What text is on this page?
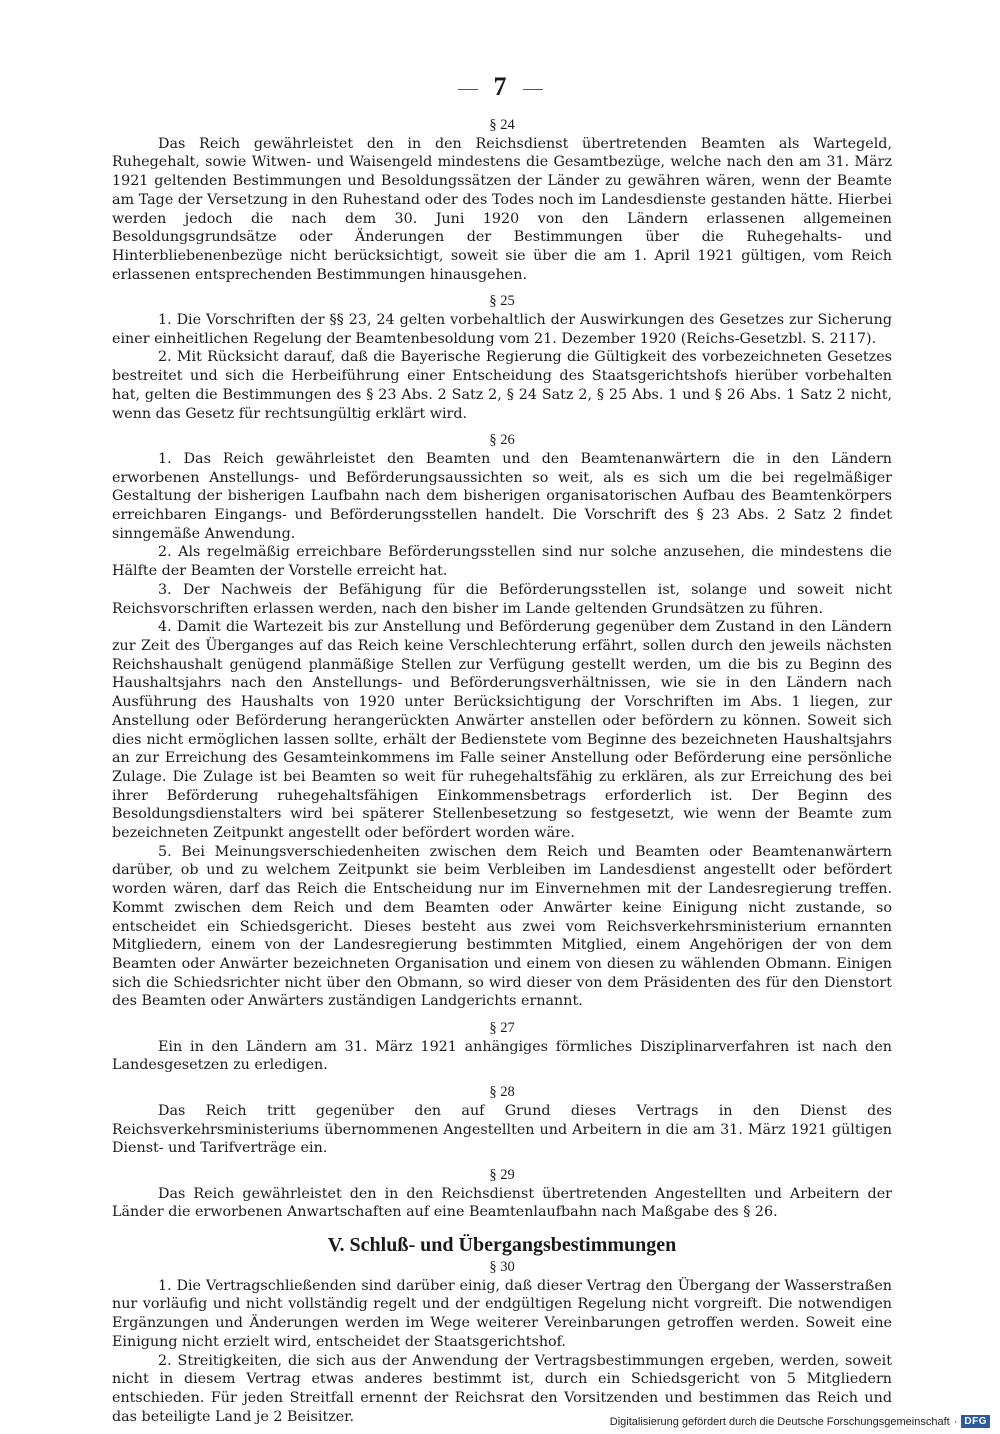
7
§ 24

Das Reich gewährleistet den in den Reichsdienst übertretenden Beamten als Wartegeld, Ruhegehalt, sowie Witwen- und Waisengeld mindestens die Gesamtbezüge, welche nach den am 31. März 1921 geltenden Bestimmungen und Besoldungssätzen der Länder zu gewähren wären, wenn der Beamte am Tage der Versetzung in den Ruhestand oder des Todes noch im Landesdienste gestanden hätte. Hierbei werden jedoch die nach dem 30. Juni 1920 von den Ländern erlassenen allgemeinen Besoldungsgrundsätze oder Änderungen der Bestimmungen über die Ruhegehalts- und Hinterbliebenenbezüge nicht berücksichtigt, soweit sie über die am 1. April 1921 gültigen, vom Reich erlassenen entsprechenden Bestimmungen hinausgehen.

§ 25

1. Die Vorschriften der §§ 23, 24 gelten vorbehaltlich der Auswirkungen des Gesetzes zur Sicherung einer einheitlichen Regelung der Beamtenbesoldung vom 21. Dezember 1920 (Reichs-Gesetzbl. S. 2117).

2. Mit Rücksicht darauf, daß die Bayerische Regierung die Gültigkeit des vorbezeichneten Gesetzes bestreitet und sich die Herbeiführung einer Entscheidung des Staatsgerichtshofs hierüber vorbehalten hat, gelten die Bestimmungen des § 23 Abs. 2 Satz 2, § 24 Satz 2, § 25 Abs. 1 und § 26 Abs. 1 Satz 2 nicht, wenn das Gesetz für rechtsungültig erklärt wird.

§ 26

1. Das Reich gewährleistet den Beamten und den Beamtenanwärtern die in den Ländern erworbenen Anstellungs- und Beförderungsaussichten so weit, als es sich um die bei regelmäßiger Gestaltung der bisherigen Laufbahn nach dem bisherigen organisatorischen Aufbau des Beamtenkörpers erreichbaren Eingangs- und Beförderungsstellen handelt. Die Vorschrift des § 23 Abs. 2 Satz 2 findet sinngemäße Anwendung.

2. Als regelmäßig erreichbare Beförderungsstellen sind nur solche anzusehen, die mindestens die Hälfte der Beamten der Vorstelle erreicht hat.

3. Der Nachweis der Befähigung für die Beförderungsstellen ist, solange und soweit nicht Reichsvorschriften erlassen werden, nach den bisher im Lande geltenden Grundsätzen zu führen.

4. Damit die Wartezeit bis zur Anstellung und Beförderung gegenüber dem Zustand in den Ländern zur Zeit des Überganges auf das Reich keine Verschlechterung erfährt, sollen durch den jeweils nächsten Reichshaushalt genügend planmäßige Stellen zur Verfügung gestellt werden, um die bis zu Beginn des Haushaltsjahrs nach den Anstellungs- und Beförderungsverhältnissen, wie sie in den Ländern nach Ausführung des Haushalts von 1920 unter Berücksichtigung der Vorschriften im Abs. 1 liegen, zur Anstellung oder Beförderung herangerückten Anwärter anstellen oder befördern zu können. Soweit sich dies nicht ermöglichen lassen sollte, erhält der Bedienstete vom Beginne des bezeichneten Haushaltsjahrs an zur Erreichung des Gesamteinkommens im Falle seiner Anstellung oder Beförderung eine persönliche Zulage. Die Zulage ist bei Beamten so weit für ruhegehaltsfähig zu erklären, als zur Erreichung des bei ihrer Beförderung ruhegehaltsfähigen Einkommensbetrags erforderlich ist. Der Beginn des Besoldungsdienstalters wird bei späterer Stellenbesetzung so festgesetzt, wie wenn der Beamte zum bezeichneten Zeitpunkt angestellt oder befördert worden wäre.

5. Bei Meinungsverschiedenheiten zwischen dem Reich und Beamten oder Beamtenanwärtern darüber, ob und zu welchem Zeitpunkt sie beim Verbleiben im Landesdienst angestellt oder befördert worden wären, darf das Reich die Entscheidung nur im Einvernehmen mit der Landesregierung treffen. Kommt zwischen dem Reich und dem Beamten oder Anwärter keine Einigung nicht zustande, so entscheidet ein Schiedsgericht. Dieses besteht aus zwei vom Reichsverkehrsministerium ernannten Mitgliedern, einem von der Landesregierung bestimmten Mitglied, einem Angehörigen der von dem Beamten oder Anwärter bezeichneten Organisation und einem von diesen zu wählenden Obmann. Einigen sich die Schiedsrichter nicht über den Obmann, so wird dieser von dem Präsidenten des für den Dienstort des Beamten oder Anwärters zuständigen Landgerichts ernannt.

§ 27

Ein in den Ländern am 31. März 1921 anhängiges förmliches Disziplinarverfahren ist nach den Landesgesetzen zu erledigen.

§ 28

Das Reich tritt gegenüber den auf Grund dieses Vertrags in den Dienst des Reichsverkehrsministeriums übernommenen Angestellten und Arbeitern in die am 31. März 1921 gültigen Dienst- und Tarifverträge ein.

§ 29

Das Reich gewährleistet den in den Reichsdienst übertretenden Angestellten und Arbeitern der Länder die erworbenen Anwartschaften auf eine Beamtenlaufbahn nach Maßgabe des § 26.

V. Schluß- und Übergangsbestimmungen
§ 30

1. Die Vertragschließenden sind darüber einig, daß dieser Vertrag den Übergang der Wasserstraßen nur vorläufig und nicht vollständig regelt und der endgültigen Regelung nicht vorgreift. Die notwendigen Ergänzungen und Änderungen werden im Wege weiterer Vereinbarungen getroffen werden. Soweit eine Einigung nicht erzielt wird, entscheidet der Staatsgerichtshof.

2. Streitigkeiten, die sich aus der Anwendung der Vertragsbestimmungen ergeben, werden, soweit nicht in diesem Vertrag etwas anderes bestimmt ist, durch ein Schiedsgericht von 5 Mitgliedern entschieden. Für jeden Streitfall ernennt der Reichsrat den Vorsitzenden und bestimmen das Reich und das beteiligte Land je 2 Beisitzer.	Digitalisierung gefördert durch die Deutsche Forschungsgemeinschaft · DFG
